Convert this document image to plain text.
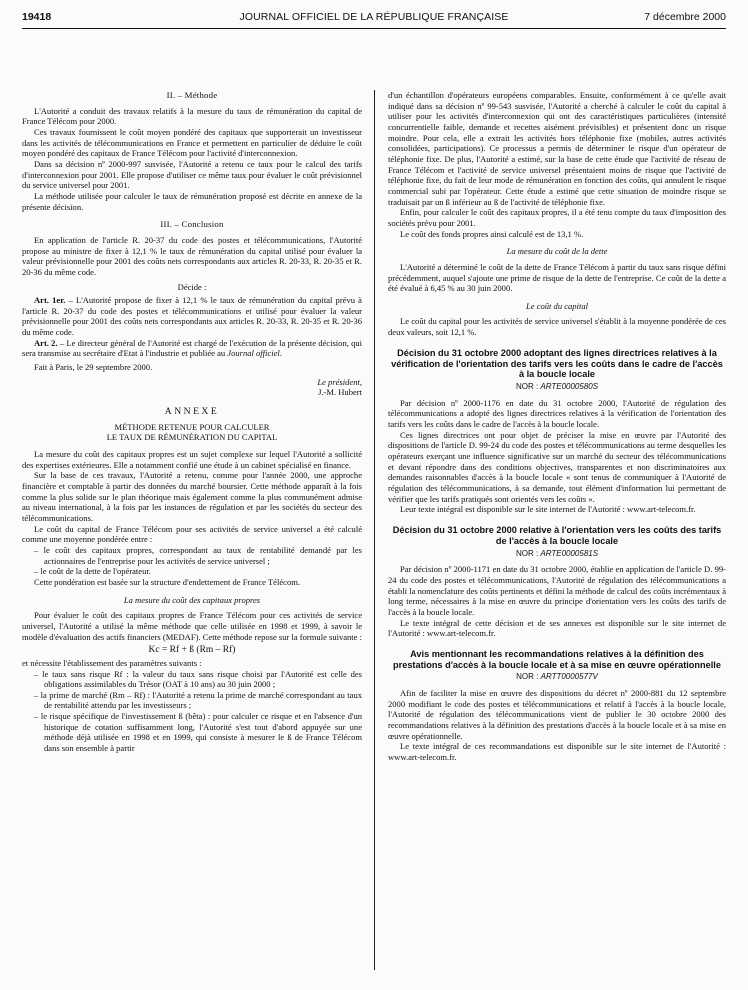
19418	JOURNAL OFFICIEL DE LA RÉPUBLIQUE FRANÇAISE	7 décembre 2000
II. – Méthode

L'Autorité a conduit des travaux relatifs à la mesure du taux de rémunération du capital de France Télécom pour 2000.

Ces travaux fournissent le coût moyen pondéré des capitaux que supporterait un investisseur dans les activités de télécommunications en France et permettent en particulier de déduire le coût moyen pondéré des capitaux de France Télécom pour l'activité d'interconnexion.

Dans sa décision nº 2000-997 susvisée, l'Autorité a retenu ce taux pour le calcul des tarifs d'interconnexion pour 2001. Elle propose d'utiliser ce même taux pour évaluer le coût prévisionnel du service universel pour 2001.

La méthode utilisée pour calculer le taux de rémunération proposé est décrite en annexe de la présente décision.

III. – Conclusion

En application de l'article R. 20-37 du code des postes et télécommunications, l'Autorité propose au ministre de fixer à 12,1 % le taux de rémunération du capital utilisé pour évaluer la valeur prévisionnelle pour 2001 des coûts nets correspondants aux articles R. 20-33, R. 20-35 et R. 20-36 du même code.

Décide :

Art. 1er. – L'Autorité propose de fixer à 12,1 % le taux de rémunération du capital prévu à l'article R. 20-37 du code des postes et télécommunications et utilisé pour évaluer la valeur prévisionnelle pour 2001 des coûts nets correspondants aux articles R. 20-33, R. 20-35 et R. 20-36 du même code.

Art. 2. – Le directeur général de l'Autorité est chargé de l'exécution de la présente décision, qui sera transmise au secrétaire d'Etat à l'industrie et publiée au Journal officiel.

Fait à Paris, le 29 septembre 2000.

Le président,
J.-M. Hubert

ANNEXE
MÉTHODE RETENUE POUR CALCULER
LE TAUX DE RÉMUNÉRATION DU CAPITAL

La mesure du coût des capitaux propres est un sujet complexe sur lequel l'Autorité a sollicité des expertises extérieures. Elle a notamment confié une étude à un cabinet spécialisé en finance.

Sur la base de ces travaux, l'Autorité a retenu, comme pour l'année 2000, une approche financière et comptable à partir des données du marché boursier. Cette méthode apparaît à la fois comme la plus solide sur le plan théorique mais également comme la plus communément admise au niveau international, à la fois par les instances de régulation et par les sociétés du secteur des télécommunications.

Le coût du capital de France Télécom pour ses activités de service universel a été calculé comme une moyenne pondérée entre :

– le coût des capitaux propres, correspondant au taux de rentabilité demandé par les actionnaires de l'entreprise pour les activités de service universel ;

– le coût de la dette de l'opérateur.

Cette pondération est basée sur la structure d'endettement de France Télécom.

La mesure du coût des capitaux propres

Pour évaluer le coût des capitaux propres de France Télécom pour ces activités de service universel, l'Autorité a utilisé la même méthode que celle utilisée en 1998 et 1999, à savoir le modèle d'évaluation des actifs financiers (MEDAF). Cette méthode repose sur la formule suivante :

Kc = Rf + ß (Rm – Rf)

et nécessite l'établissement des paramètres suivants :

– le taux sans risque Rf : la valeur du taux sans risque choisi par l'Autorité est celle des obligations assimilables du Trésor (OAT à 10 ans) au 30 juin 2000 ;

– la prime de marché (Rm – Rf) : l'Autorité a retenu la prime de marché correspondant au taux de rentabilité attendu par les investisseurs ;

– le risque spécifique de l'investissement ß (bêta) : pour calculer ce risque et en l'absence d'un historique de cotation suffisamment long, l'Autorité s'est tout d'abord appuyée sur une méthode déjà utilisée en 1998 et en 1999, qui consiste à mesurer le ß de France Télécom dans son ensemble à partir

d'un échantillon d'opérateurs européens comparables. Ensuite, conformément à ce qu'elle avait indiqué dans sa décision nº 99-543 susvisée, l'Autorité a cherché à calculer le coût du capital à utiliser pour les activités d'interconnexion qui ont des caractéristiques particulières (intensité concurrentielle faible, demande et recettes aisément prévisibles) et présentent donc un risque moindre. Pour cela, elle a extrait les activités hors téléphonie fixe (mobiles, autres activités consolidées, participations). Ce processus a permis de déterminer le risque d'un opérateur de téléphonie fixe. De plus, l'Autorité a estimé, sur la base de cette étude que l'activité de réseau de France Télécom et l'activité de service universel présentaient moins de risque que l'activité de téléphonie fixe, du fait de leur mode de rémunération en fonction des coûts, qui annulent le risque commercial subi par l'opérateur. Cette étude a estimé que cette situation de moindre risque se traduisait par un ß inférieur au ß de l'activité de téléphonie fixe.

Enfin, pour calculer le coût des capitaux propres, il a été tenu compte du taux d'imposition des sociétés prévu pour 2001.

Le coût des fonds propres ainsi calculé est de 13,1 %.

La mesure du coût de la dette

L'Autorité a déterminé le coût de la dette de France Télécom à partir du taux sans risque défini précédemment, auquel s'ajoute une prime de risque de la dette de l'entreprise. Ce coût de la dette a été évalué à 6,45 % au 30 juin 2000.

Le coût du capital

Le coût du capital pour les activités de service universel s'établit à la moyenne pondérée de ces deux valeurs, soit 12,1 %.

Décision du 31 octobre 2000 adoptant des lignes directrices relatives à la vérification de l'orientation des tarifs vers les coûts dans le cadre de l'accès à la boucle locale
NOR : ARTE0000580S

Par décision nº 2000-1176 en date du 31 octobre 2000, l'Autorité de régulation des télécommunications a adopté des lignes directrices relatives à la vérification de l'orientation des tarifs vers les coûts dans le cadre de l'accès à la boucle locale.

Ces lignes directrices ont pour objet de préciser la mise en œuvre par l'Autorité des dispositions de l'article D. 99-24 du code des postes et télécommunications au terme desquelles les opérateurs exerçant une influence significative sur un marché du secteur des télécommunications et devant répondre dans des conditions objectives, transparentes et non discriminatoires aux demandes raisonnables d'accès à la boucle locale « sont tenus de communiquer à l'Autorité de régulation des télécommunications, à sa demande, tout élément d'information lui permettant de vérifier que les tarifs pratiqués sont orientés vers les coûts ».

Leur texte intégral est disponible sur le site internet de l'Autorité : www.art-telecom.fr.

Décision du 31 octobre 2000 relative à l'orientation vers les coûts des tarifs de l'accès à la boucle locale
NOR : ARTE0000581S

Par décision nº 2000-1171 en date du 31 octobre 2000, établie en application de l'article D. 99-24 du code des postes et télécommunications, l'Autorité de régulation des télécommunications a établi la nomenclature des coûts pertinents et défini la méthode de calcul des coûts incrémentaux à long terme, nécessaires à la mise en œuvre du principe d'orientation vers les coûts des tarifs de l'accès à la boucle locale.

Le texte intégral de cette décision et de ses annexes est disponible sur le site internet de l'Autorité : www.art-telecom.fr.

Avis mentionnant les recommandations relatives à la définition des prestations d'accès à la boucle locale et à sa mise en œuvre opérationnelle
NOR : ARTT0000577V

Afin de faciliter la mise en œuvre des dispositions du décret nº 2000-881 du 12 septembre 2000 modifiant le code des postes et télécommunications et relatif à l'accès à la boucle locale, l'Autorité de régulation des télécommunications vient de publier le 30 octobre 2000 des recommandations relatives à la définition des prestations d'accès à la boucle locale et à sa mise en œuvre opérationnelle.

Le texte intégral de ces recommandations est disponible sur le site internet de l'Autorité : www.art-telecom.fr.
